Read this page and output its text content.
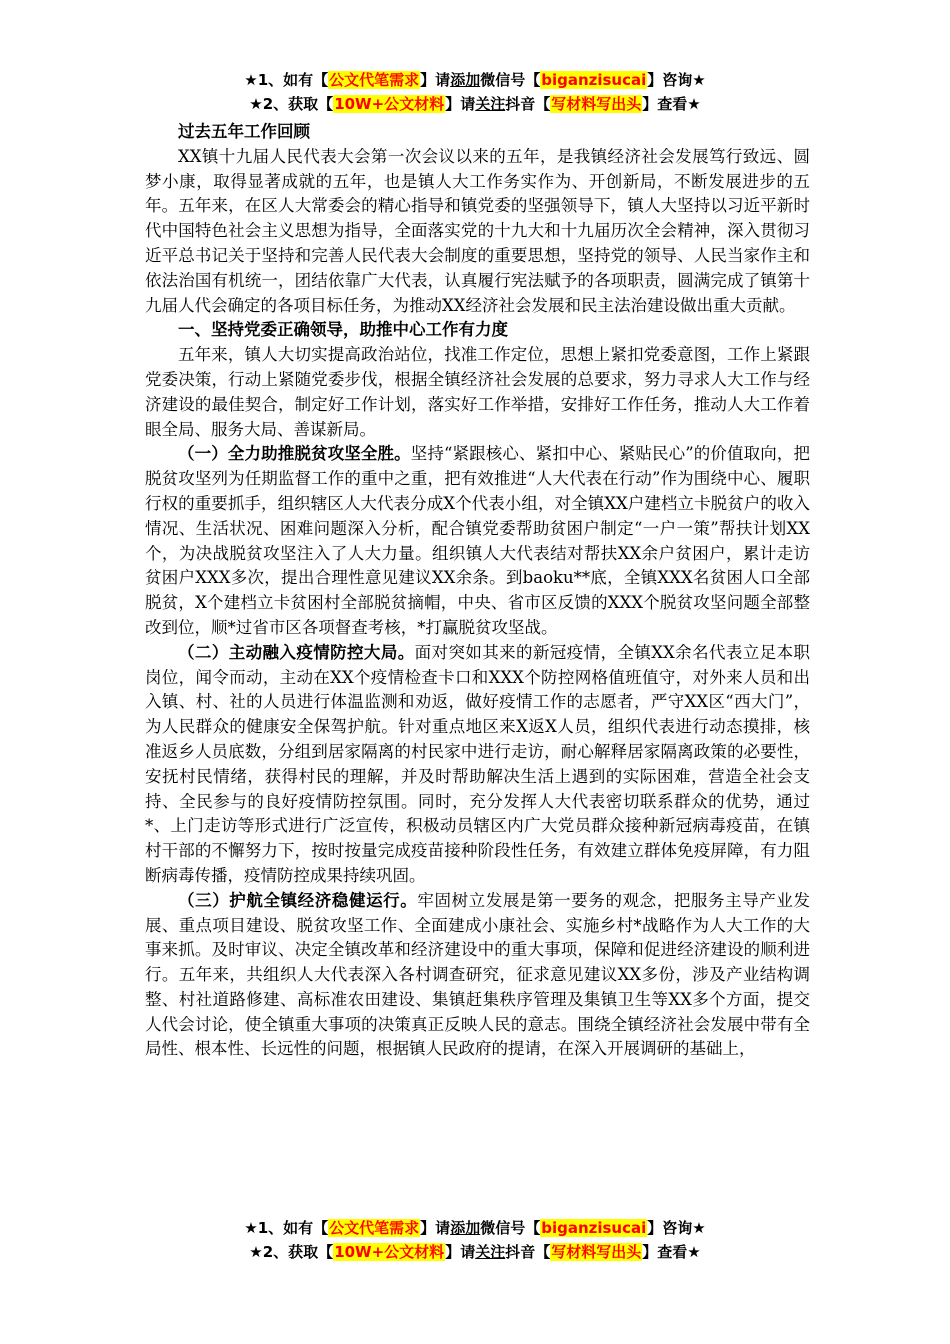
★1、如有【公文代笔需求】请添加微信号【biganzisucai】咨询★
★2、获取【10W+公文材料】请关注抖音【写材料写出头】查看★
过去五年工作回顾

XX镇十九届人民代表大会第一次会议以来的五年，是我镇经济社会发展笃行致远、圆梦小康，取得显著成就的五年，也是镇人大工作务实作为、开创新局，不断发展进步的五年。五年来，在区人大常委会的精心指导和镇党委的坚强领导下，镇人大坚持以习近平新时代中国特色社会主义思想为指导，全面落实党的十九大和十九届历次全会精神，深入贯彻习近平总书记关于坚持和完善人民代表大会制度的重要思想，坚持党的领导、人民当家作主和依法治国有机统一，团结依靠广大代表，认真履行宪法赋予的各项职责，圆满完成了镇第十九届人代会确定的各项目标任务，为推动XX经济社会发展和民主法治建设做出重大贡献。

一、坚持党委正确领导，助推中心工作有力度

五年来，镇人大切实提高政治站位，找准工作定位，思想上紧扣党委意图，工作上紧跟党委决策，行动上紧随党委步伐，根据全镇经济社会发展的总要求，努力寻求人大工作与经济建设的最佳契合，制定好工作计划，落实好工作举措，安排好工作任务，推动人大工作着眼全局、服务大局、善谋新局。

（一）全力助推脱贫攻坚全胜。坚持“紧跟核心、紧扣中心、紧贴民心”的价值取向，把脱贫攻坚列为任期监督工作的重中之重，把有效推进“人大代表在行动”作为围绕中心、履职行权的重要抓手，组织辖区人大代表分成X个代表小组，对全镇XX户建档立卡脱贫户的收入情况、生活状况、困难问题深入分析，配合镇党委帮助贫困户制定“一户一策”帮扶计划XX个，为决战脱贫攻坚注入了人大力量。组织镇人大代表结对帮扶XX余户贫困户，累计走访贫困户XXX多次，提出合理性意见建议XX余条。到baoku**底，全镇XXX名贫困人口全部脱贫，X个建档立卡贫困村全部脱贫摘帽，中央、省市区反馈的XXX个脱贫攻坚问题全部整改到位，顺*过省市区各项督查考核，*打赢脱贫攻坚战。

（二）主动融入疫情防控大局。面对突如其来的新冠疫情，全镇XX余名代表立足本职岗位，闻令而动，主动在XX个疫情检查卡口和XXX个防控网格值班值守，对外来人员和出入镇、村、社的人员进行体温监测和劝返，做好疫情工作的志愿者，严守XX区“西大门”，为人民群众的健康安全保驾护航。针对重点地区来X返X人员，组织代表进行动态摸排，核准返乡人员底数，分组到居家隔离的村民家中进行走访，耐心解释居家隔离政策的必要性，安抚村民情绪，获得村民的理解，并及时帮助解决生活上遇到的实际困难，营造全社会支持、全民参与的良好疫情防控氛围。同时，充分发挥人大代表密切联系群众的优势，通过*、上门走访等形式进行广泛宣传，积极动员辖区内广大党员群众接种新冠病毒疫苗，在镇村干部的不懈努力下，按时按量完成疫苗接种阶段性任务，有效建立群体免疫屏障，有力阻断病毒传播，疫情防控成果持续巩固。

（三）护航全镇经济稳健运行。牢固树立发展是第一要务的观念，把服务主导产业发展、重点项目建设、脱贫攻坚工作、全面建成小康社会、实施乡村*战略作为人大工作的大事来抓。及时审议、决定全镇改革和经济建设中的重大事项，保障和促进经济建设的顺利进行。五年来，共组织人大代表深入各村调查研究，征求意见建议XX多份，涉及产业结构调整、村社道路修建、高标准农田建设、集镇赶集秩序管理及集镇卫生等XX多个方面，提交人代会讨论，使全镇重大事项的决策真正反映人民的意志。围绕全镇经济社会发展中带有全局性、根本性、长远性的问题，根据镇人民政府的提请，在深入开展调研的基础上，

★1、如有【公文代笔需求】请添加微信号【biganzisucai】咨询★
★2、获取【10W+公文材料】请关注抖音【写材料写出头】查看★
